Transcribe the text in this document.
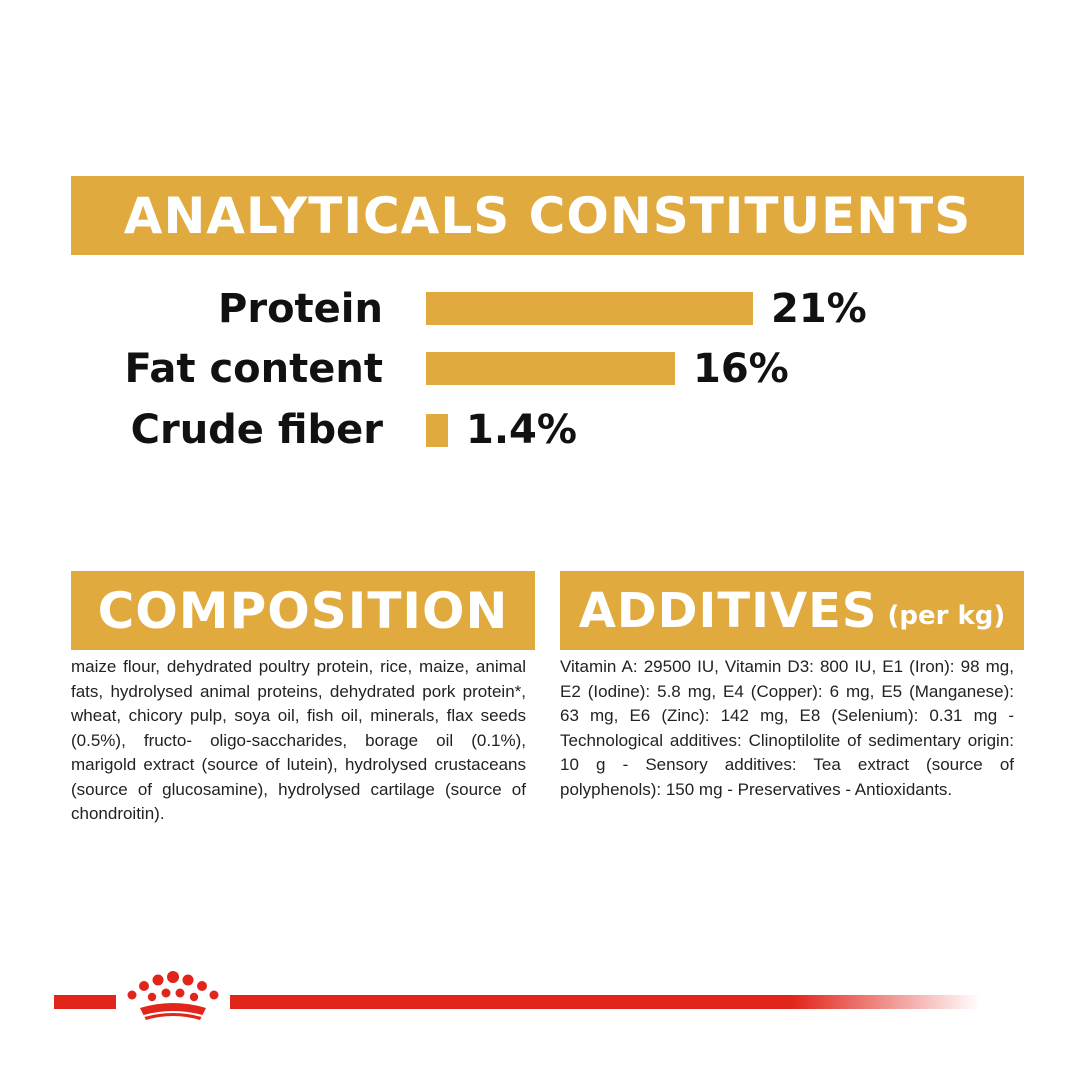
ANALYTICALS CONSTITUENTS
Protein	21%
Fat content	16%
Crude fiber 1.4%
COMPOSITION

maize flour, dehydrated poultry protein, rice, maize, animal fats, hydrolysed animal proteins, dehydrated pork protein*, wheat, chicory pulp, soya oil, fish oil, minerals, flax seeds (0.5%), fructo- oligo-saccharides, borage oil (0.1%), marigold extract (source of lutein), hydrolysed crustaceans (source of glucosamine), hydrolysed cartilage (source of chondroitin).

ADDITIVES (per kg)

Vitamin A: 29500 IU, Vitamin D3: 800 IU, E1 (Iron): 98 mg, E2 (Iodine): 5.8 mg, E4 (Copper): 6 mg, E5 (Manganese): 63 mg, E6 (Zinc): 142 mg, E8 (Selenium): 0.31 mg - Technological additives: Clinoptilolite of sedimentary origin: 10 g - Sensory additives: Tea extract (source of polyphenols): 150 mg - Preservatives - Antioxidants.
